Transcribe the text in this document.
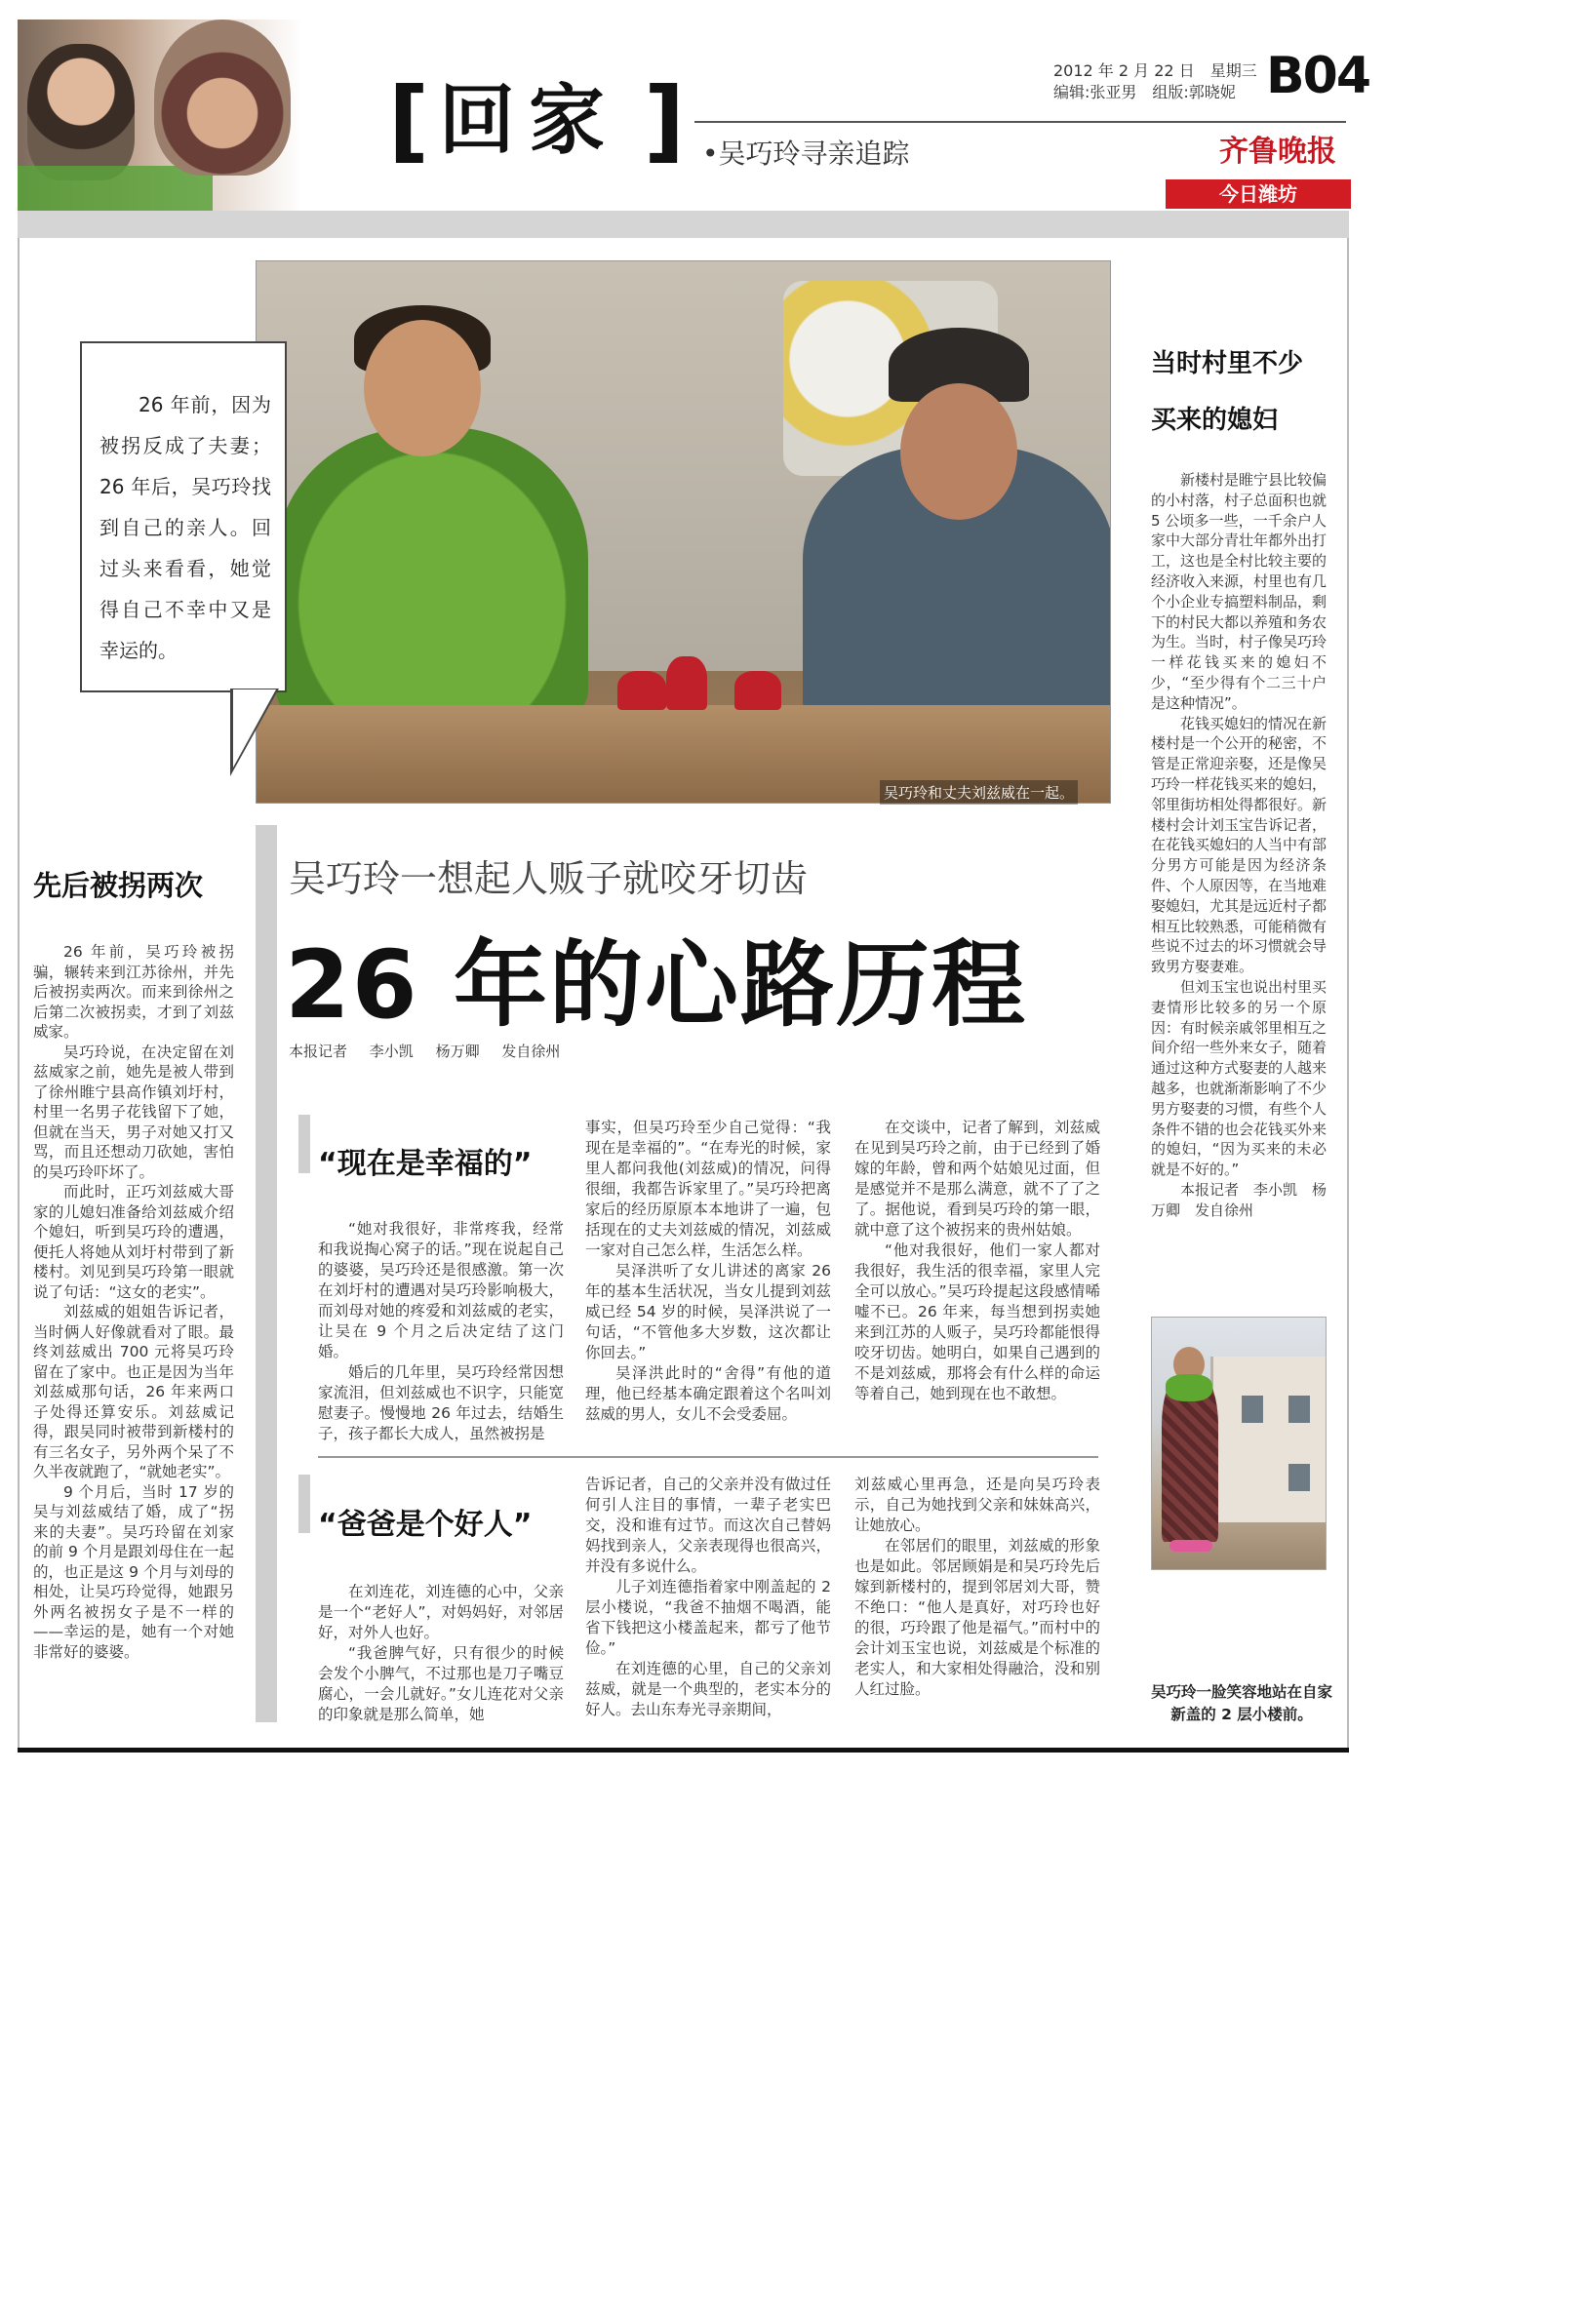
[ 回家 ] •吴巧玲寻亲追踪
2012 年 2 月 22 日　星期三
编辑:张亚男　组版:郭晓妮 B04
齐鲁晚报
今日潍坊
吴巧玲和丈夫刘兹威在一起。
26 年前，因为被拐反成了夫妻；26 年后，吴巧玲找到自己的亲人。回过头来看看，她觉得自己不幸中又是幸运的。
先后被拐两次

26 年前，吴巧玲被拐骗，辗转来到江苏徐州，并先后被拐卖两次。而来到徐州之后第二次被拐卖，才到了刘兹威家。

吴巧玲说，在决定留在刘兹威家之前，她先是被人带到了徐州睢宁县高作镇刘圩村，村里一名男子花钱留下了她，但就在当天，男子对她又打又骂，而且还想动刀砍她，害怕的吴巧玲吓坏了。

而此时，正巧刘兹威大哥家的儿媳妇准备给刘兹威介绍个媳妇，听到吴巧玲的遭遇，便托人将她从刘圩村带到了新楼村。刘见到吴巧玲第一眼就说了句话：“这女的老实”。

刘兹威的姐姐告诉记者，当时俩人好像就看对了眼。最终刘兹威出 700 元将吴巧玲留在了家中。也正是因为当年刘兹威那句话，26 年来两口子处得还算安乐。刘兹威记得，跟吴同时被带到新楼村的有三名女子，另外两个呆了不久半夜就跑了，“就她老实”。

9 个月后，当时 17 岁的吴与刘兹威结了婚，成了“拐来的夫妻”。吴巧玲留在刘家的前 9 个月是跟刘母住在一起的，也正是这 9 个月与刘母的相处，让吴巧玲觉得，她跟另外两名被拐女子是不一样的——幸运的是，她有一个对她非常好的婆婆。

吴巧玲一想起人贩子就咬牙切齿
26 年的心路历程
本报记者 李小凯 杨万卿 发自徐州
“现在是幸福的”

“她对我很好，非常疼我，经常和我说掏心窝子的话。”现在说起自己的婆婆，吴巧玲还是很感激。第一次在刘圩村的遭遇对吴巧玲影响极大，而刘母对她的疼爱和刘兹威的老实，让吴在 9 个月之后决定结了这门婚。

婚后的几年里，吴巧玲经常因想家流泪，但刘兹威也不识字，只能宽慰妻子。慢慢地 26 年过去，结婚生子，孩子都长大成人，虽然被拐是

事实，但吴巧玲至少自己觉得：“我现在是幸福的”。“在寿光的时候，家里人都问我他(刘兹威)的情况，问得很细，我都告诉家里了。”吴巧玲把离家后的经历原原本本地讲了一遍，包括现在的丈夫刘兹威的情况，刘兹威一家对自己怎么样，生活怎么样。

吴泽洪听了女儿讲述的离家 26 年的基本生活状况，当女儿提到刘兹威已经 54 岁的时候，吴泽洪说了一句话，“不管他多大岁数，这次都让你回去。”

吴泽洪此时的“舍得”有他的道理，他已经基本确定跟着这个名叫刘兹威的男人，女儿不会受委屈。

在交谈中，记者了解到，刘兹威在见到吴巧玲之前，由于已经到了婚嫁的年龄，曾和两个姑娘见过面，但是感觉并不是那么满意，就不了了之了。据他说，看到吴巧玲的第一眼，就中意了这个被拐来的贵州姑娘。

“他对我很好，他们一家人都对我很好，我生活的很幸福，家里人完全可以放心。”吴巧玲提起这段感情唏嘘不已。26 年来，每当想到拐卖她来到江苏的人贩子，吴巧玲都能恨得咬牙切齿。她明白，如果自己遇到的不是刘兹威，那将会有什么样的命运等着自己，她到现在也不敢想。

“爸爸是个好人”

在刘连花，刘连德的心中，父亲是一个“老好人”，对妈妈好，对邻居好，对外人也好。

“我爸脾气好，只有很少的时候会发个小脾气，不过那也是刀子嘴豆腐心，一会儿就好。”女儿连花对父亲的印象就是那么简单，她

告诉记者，自己的父亲并没有做过任何引人注目的事情，一辈子老实巴交，没和谁有过节。而这次自己替妈妈找到亲人，父亲表现得也很高兴，并没有多说什么。

儿子刘连德指着家中刚盖起的 2 层小楼说，“我爸不抽烟不喝酒，能省下钱把这小楼盖起来，都亏了他节俭。”

在刘连德的心里，自己的父亲刘兹威，就是一个典型的，老实本分的好人。去山东寿光寻亲期间，

刘兹威心里再急，还是向吴巧玲表示，自己为她找到父亲和妹妹高兴，让她放心。

在邻居们的眼里，刘兹威的形象也是如此。邻居顾娟是和吴巧玲先后嫁到新楼村的，提到邻居刘大哥，赞不绝口：“他人是真好，对巧玲也好的很，巧玲跟了他是福气。”而村中的会计刘玉宝也说，刘兹威是个标准的老实人，和大家相处得融洽，没和别人红过脸。

当时村里不少买来的媳妇

新楼村是睢宁县比较偏的小村落，村子总面积也就 5 公顷多一些，一千余户人家中大部分青壮年都外出打工，这也是全村比较主要的经济收入来源，村里也有几个小企业专搞塑料制品，剩下的村民大都以养殖和务农为生。当时，村子像吴巧玲一样花钱买来的媳妇不少，“至少得有个二三十户是这种情况”。

花钱买媳妇的情况在新楼村是一个公开的秘密，不管是正常迎亲娶，还是像吴巧玲一样花钱买来的媳妇，邻里街坊相处得都很好。新楼村会计刘玉宝告诉记者，在花钱买媳妇的人当中有部分男方可能是因为经济条件、个人原因等，在当地难娶媳妇，尤其是远近村子都相互比较熟悉，可能稍微有些说不过去的坏习惯就会导致男方娶妻难。

但刘玉宝也说出村里买妻情形比较多的另一个原因：有时候亲戚邻里相互之间介绍一些外来女子，随着通过这种方式娶妻的人越来越多，也就渐渐影响了不少男方娶妻的习惯，有些个人条件不错的也会花钱买外来的媳妇，“因为买来的未必就是不好的。”

本报记者　李小凯　杨万卿　发自徐州

吴巧玲一脸笑容地站在自家新盖的 2 层小楼前。
